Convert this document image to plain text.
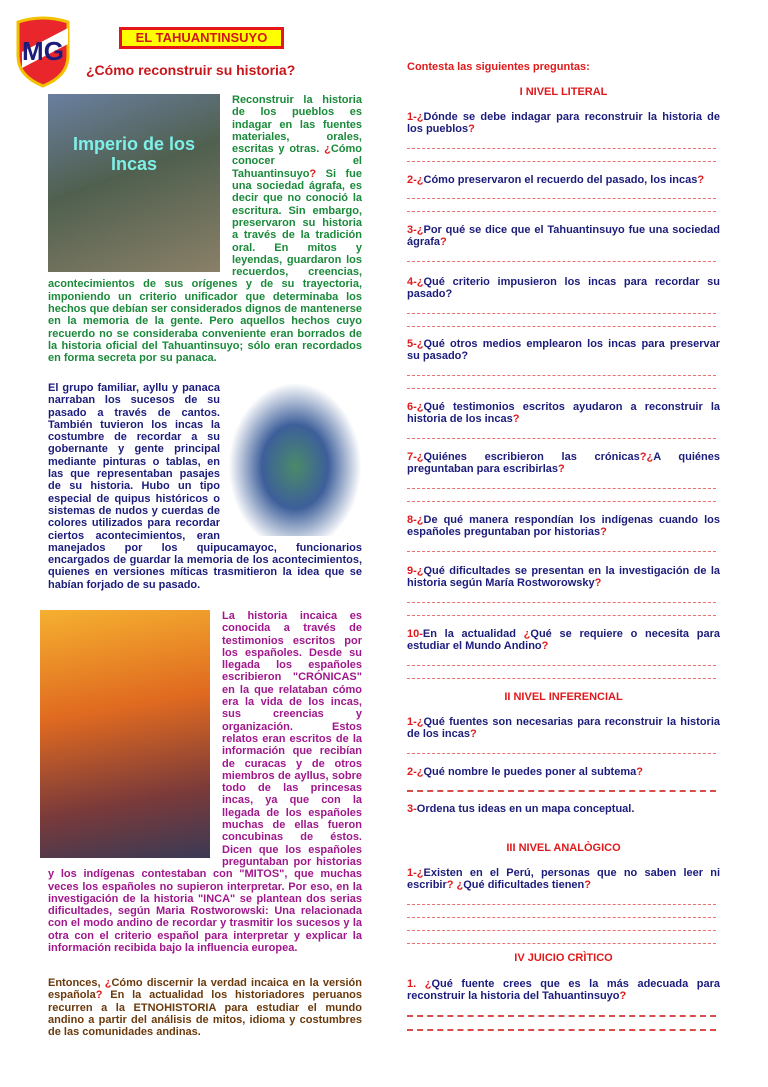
MG	EL TAHUANTINSUYO
¿Cómo reconstruir su historia?
Imperio de los Incas
Reconstruir la historia de los pueblos es indagar en las fuentes materiales, orales, escritas y otras. ¿Cómo conocer el Tahuantinsuyo? Si fue una sociedad ágrafa, es decir que no conoció la escritura. Sin embargo, preservaron su historia a través de la tradición oral. En mitos y leyendas, guardaron los recuerdos, creencias, acontecimientos de sus orígenes y de su trayectoria, imponiendo un criterio unificador que determinaba los hechos que debían ser considerados dignos de mantenerse en la memoria de la gente. Pero aquellos hechos cuyo recuerdo no se consideraba conveniente eran borrados de la historia oficial del Tahuantinsuyo; sólo eran recordados en forma secreta por su panaca.
El grupo familiar, ayllu y panaca narraban los sucesos de su pasado a través de cantos. También tuvieron los incas la costumbre de recordar a su gobernante y gente principal mediante pinturas o tablas, en las que representaban pasajes de su historia. Hubo un tipo especial de quipus históricos o sistemas de nudos y cuerdas de colores utilizados para recordar ciertos acontecimientos, eran manejados por los quipucamayoc, funcionarios encargados de guardar la memoria de los acontecimientos, quienes en versiones míticas trasmitieron la idea que se habían forjado de su pasado.
La historia incaica es conocida a través de testimonios escritos por los españoles. Desde su llegada los españoles escribieron "CRÓNICAS" en la que relataban cómo era la vida de los incas, sus creencias y organización. Estos relatos eran escritos de la información que recibían de curacas y de otros miembros de ayllus, sobre todo de las princesas incas, ya que con la llegada de los españoles muchas de ellas fueron concubinas de éstos. Dicen que los españoles preguntaban por historias y los indígenas contestaban con "MITOS", que muchas veces los españoles no supieron interpretar. Por eso, en la investigación de la historia "INCA" se plantean dos serias dificultades, según Maria Rostworowski: Una relacionada con el modo andino de recordar y trasmitir los sucesos y la otra con el criterio español para interpretar y explicar la información recibida bajo la influencia europea.
Entonces, ¿Cómo discernir la verdad incaica en la versión española? En la actualidad los historiadores peruanos recurren a la ETNOHISTORIA para estudiar el mundo andino a partir del análisis de mitos, idioma y costumbres de las comunidades andinas.
Contesta las siguientes preguntas:
I NIVEL LITERAL
1-¿Dónde se debe indagar para reconstruir la historia de los pueblos?
2-¿Cómo preservaron el recuerdo del pasado, los incas?
3-¿Por qué se dice que el Tahuantinsuyo fue una sociedad ágrafa?
4-¿Qué criterio impusieron los incas para recordar su pasado?
5-¿Qué otros medios emplearon los incas para preservar su pasado?
6-¿Qué testimonios escritos ayudaron a reconstruir la historia de los incas?
7-¿Quiénes escribieron las crónicas?¿A quiénes preguntaban para escribirlas?
8-¿De qué manera respondían los indígenas cuando los españoles preguntaban por historias?
9-¿Qué dificultades se presentan en la investigación de la historia según María Rostworowsky?
10-En la actualidad ¿Qué se requiere o necesita para estudiar el Mundo Andino?
II NIVEL INFERENCIAL
1-¿Qué fuentes son necesarias para reconstruir la historia de los incas?
2-¿Qué nombre le puedes poner al subtema?
3-Ordena tus ideas en un mapa conceptual.
III NIVEL ANALÒGICO
1-¿Existen en el Perú, personas que no saben leer ni escribir? ¿Qué dificultades tienen?
IV JUICIO CRÌTICO
1. ¿Qué fuente crees que es la más adecuada para reconstruir la historia del Tahuantinsuyo?
